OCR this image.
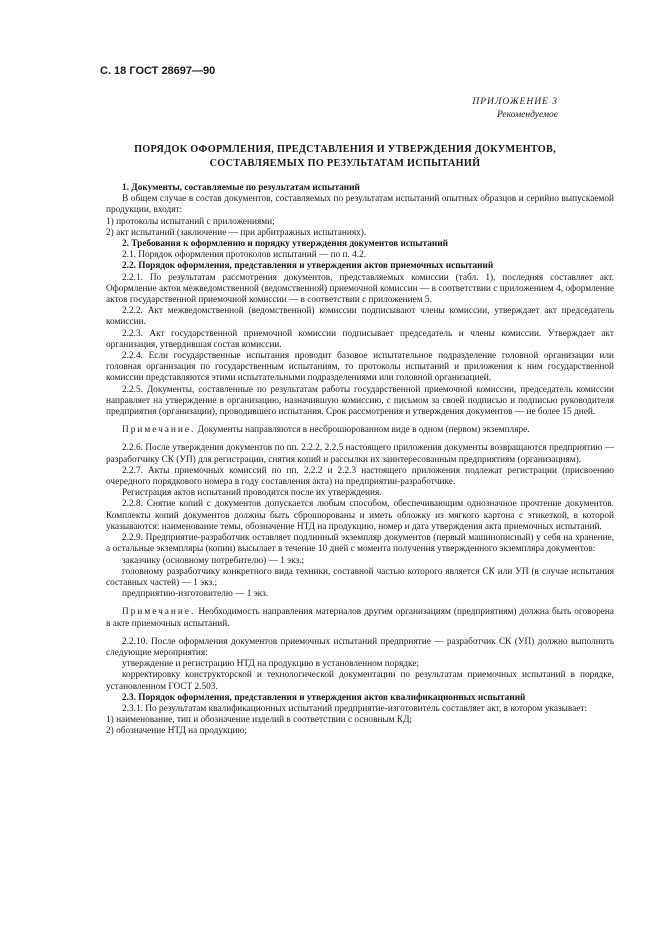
С. 18 ГОСТ 28697—90
ПРИЛОЖЕНИЕ 3
Рекомендуемое
ПОРЯДОК ОФОРМЛЕНИЯ, ПРЕДСТАВЛЕНИЯ И УТВЕРЖДЕНИЯ ДОКУМЕНТОВ,
СОСТАВЛЯЕМЫХ ПО РЕЗУЛЬТАТАМ ИСПЫТАНИЙ

1. Документы, составляемые по результатам испытаний

В общем случае в состав документов, составляемых по результатам испытаний опытных образцов и серийно выпускаемой продукции, входят:

1) протоколы испытаний с приложениями;

2) акт испытаний (заключение — при арбитражных испытаниях).

2. Требования к оформлению и порядку утверждения документов испытаний

2.1. Порядок оформления протоколов испытаний — по п. 4.2.

2.2. Порядок оформления, представления и утверждения актов приемочных испытаний

2.2.1. По результатам рассмотрения документов, представляемых комиссии (табл. 1), последняя составляет акт. Оформление актов межведомственной (ведомственной) приемочной комиссии — в соответствии с приложением 4, оформление актов государственной приемочной комиссии — в соответствии с приложением 5.

2.2.2. Акт межведомственной (ведомственной) комиссии подписывают члены комиссии, утверждает акт председатель комиссии.

2.2.3. Акт государственной приемочной комиссии подписывает председатель и члены комиссии. Утверждает акт организация, утвердившая состав комиссии.

2.2.4. Если государственные испытания проводит базовое испытательное подразделение головной организации или головная организация по государственным испытаниям, то протоколы испытаний и приложения к ним государственной комиссии представляются этими испытательными подразделениями или головной организацией.

2.2.5. Документы, составленные по результатам работы государственной приемочной комиссии, председатель комиссии направляет на утверждение в организацию, назначившую комиссию, с письмом за своей подписью и подписью руководителя предприятия (организации), проводившего испытания. Срок рассмотрения и утверждения документов — не более 15 дней.

Примечание. Документы направляются в несброшюрованном виде в одном (первом) экземпляре.

2.2.6. После утверждения документов по пп. 2.2.2, 2.2.5 настоящего приложения документы возвращаются предприятию — разработчику СК (УП) для регистрации, снятия копий и рассылки их заинтересованным предприятиям (организациям).

2.2.7. Акты приемочных комиссий по пп. 2.2.2 и 2.2.3 настоящего приложения подлежат регистрации (присвоению очередного порядкового номера в году составления акта) на предприятии-разработчике.

Регистрация актов испытаний проводится после их утверждения.

2.2.8. Снятие копий с документов допускается любым способом, обеспечивающим однозначное прочтение документов. Комплекты копий документов должны быть сброшюрованы и иметь обложку из мягкого картона с этикеткой, в которой указываются: наименование темы, обозначение НТД на продукцию, номер и дата утверждения акта приемочных испытаний.

2.2.9. Предприятие-разработчик оставляет подлинный экземпляр документов (первый машинописный) у себя на хранение, а остальные экземпляры (копии) высылает в течение 10 дней с момента получения утвержденного экземпляра документов:

заказчику (основному потребителю) — 1 экз.;

головному разработчику конкретного вида техники, составной частью которого является СК или УП (в случае испытания составных частей) — 1 экз.;

предприятию-изготовителю — 1 экз.

Примечание. Необходимость направления материалов другим организациям (предприятиям) должна быть оговорена в акте приемочных испытаний.

2.2.10. После оформления документов приемочных испытаний предприятие — разработчик СК (УП) должно выполнить следующие мероприятия:

утверждение и регистрацию НТД на продукцию в установленном порядке;

корректировку конструкторской и технологической документации по результатам приемочных испытаний в порядке, установленном ГОСТ 2.503.

2.3. Порядок оформления, представления и утверждения актов квалификационных испытаний

2.3.1. По результатам квалификационных испытаний предприятие-изготовитель составляет акт, в котором указывает:

1) наименование, тип и обозначение изделий в соответствии с основным КД;

2) обозначение НТД на продукцию;
